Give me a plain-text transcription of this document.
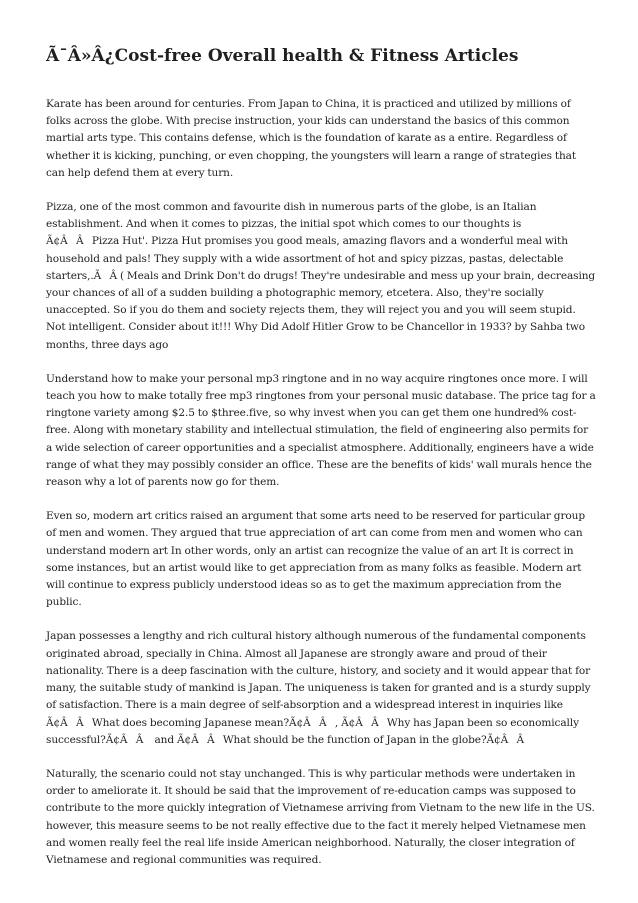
Ã¯Â»Â¿Cost-free Overall health & Fitness Articles

Karate has been around for centuries. From Japan to China, it is practiced and utilized by millions of folks across the globe. With precise instruction, your kids can understand the basics of this common martial arts type. This contains defense, which is the foundation of karate as a entire. Regardless of whether it is kicking, punching, or even chopping, the youngsters will learn a range of strategies that can help defend them at every turn.

Pizza, one of the most common and favourite dish in numerous parts of the globe, is an Italian establishment. And when it comes to pizzas, the initial spot which comes to our thoughts is Ã¢ÂÂPizza Hut'. Pizza Hut promises you good meals, amazing flavors and a wonderful meal with household and pals! They supply with a wide assortment of hot and spicy pizzas, pastas, delectable starters,.ÃÂ ( Meals and Drink Don't do drugs! They're undesirable and mess up your brain, decreasing your chances of all of a sudden building a photographic memory, etcetera. Also, they're socially unaccepted. So if you do them and society rejects them, they will reject you and you will seem stupid. Not intelligent. Consider about it!!! Why Did Adolf Hitler Grow to be Chancellor in 1933? by Sahba two months, three days ago

Understand how to make your personal mp3 ringtone and in no way acquire ringtones once more. I will teach you how to make totally free mp3 ringtones from your personal music database. The price tag for a ringtone variety among $2.5 to $three.five, so why invest when you can get them one hundred% cost-free. Along with monetary stability and intellectual stimulation, the field of engineering also permits for a wide selection of career opportunities and a specialist atmosphere. Additionally, engineers have a wide range of what they may possibly consider an office. These are the benefits of kids' wall murals hence the reason why a lot of parents now go for them.

Even so, modern art critics raised an argument that some arts need to be reserved for particular group of men and women. They argued that true appreciation of art can come from men and women who can understand modern art In other words, only an artist can recognize the value of an art It is correct in some instances, but an artist would like to get appreciation from as many folks as feasible. Modern art will continue to express publicly understood ideas so as to get the maximum appreciation from the public.

Japan possesses a lengthy and rich cultural history although numerous of the fundamental components originated abroad, specially in China. Almost all Japanese are strongly aware and proud of their nationality. There is a deep fascination with the culture, history, and society and it would appear that for many, the suitable study of mankind is Japan. The uniqueness is taken for granted and is a sturdy supply of satisfaction. There is a main degree of self-absorption and a widespread interest in inquiries like Ã¢ÂÂWhat does becoming Japanese mean?Ã¢ÂÂ, Ã¢ÂÂWhy has Japan been so economically successful?Ã¢ÂÂ and Ã¢ÂÂWhat should be the function of Japan in the globe?Ã¢ÂÂ

Naturally, the scenario could not stay unchanged. This is why particular methods were undertaken in order to ameliorate it. It should be said that the improvement of re-education camps was supposed to contribute to the more quickly integration of Vietnamese arriving from Vietnam to the new life in the US. however, this measure seems to be not really effective due to the fact it merely helped Vietnamese men and women really feel the real life inside American neighborhood. Naturally, the closer integration of Vietnamese and regional communities was required.
